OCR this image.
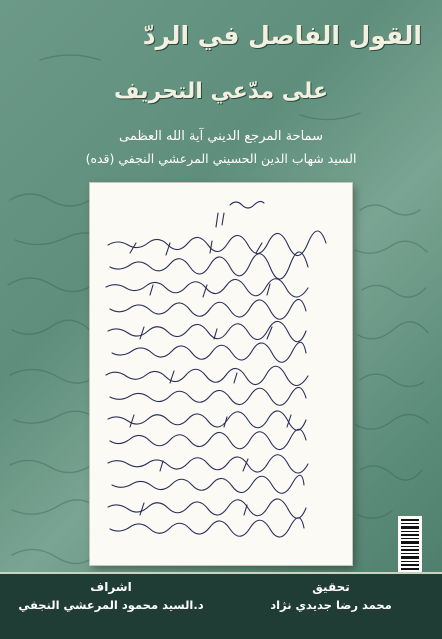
القول الفاصل في الردّ
على مدّعي التحريف
سماحة المرجع الديني آية الله العظمى
السيد شهاب الدين الحسيني المرعشي النجفي (قده)
اشراف
د.السيد محمود المرعشي النجفي
تحقيق
محمد رضا جديدي نژاد
